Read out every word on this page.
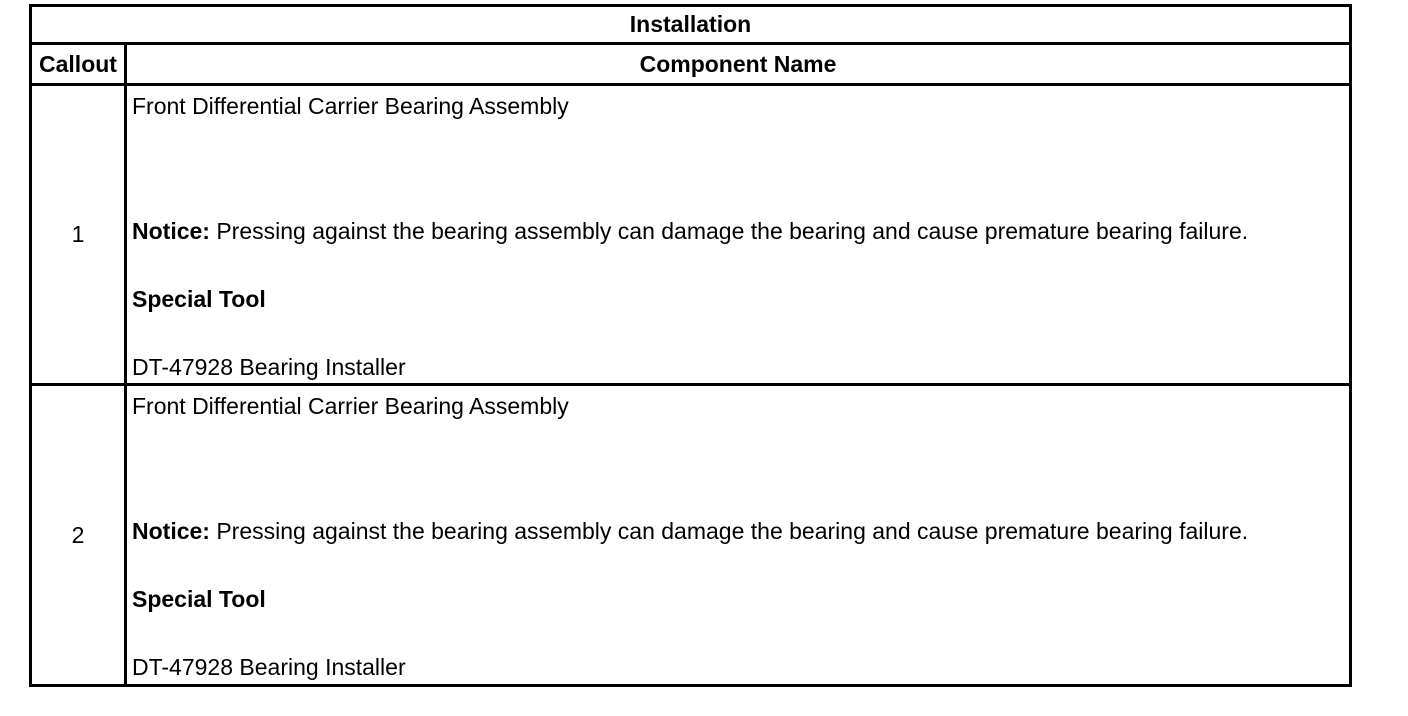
Installation
Callout	Component Name
1
Front Differential Carrier Bearing Assembly
Notice: Pressing against the bearing assembly can damage the bearing and cause premature bearing failure.
Special Tool
DT-47928 Bearing Installer
2
Front Differential Carrier Bearing Assembly
Notice: Pressing against the bearing assembly can damage the bearing and cause premature bearing failure.
Special Tool
DT-47928 Bearing Installer
